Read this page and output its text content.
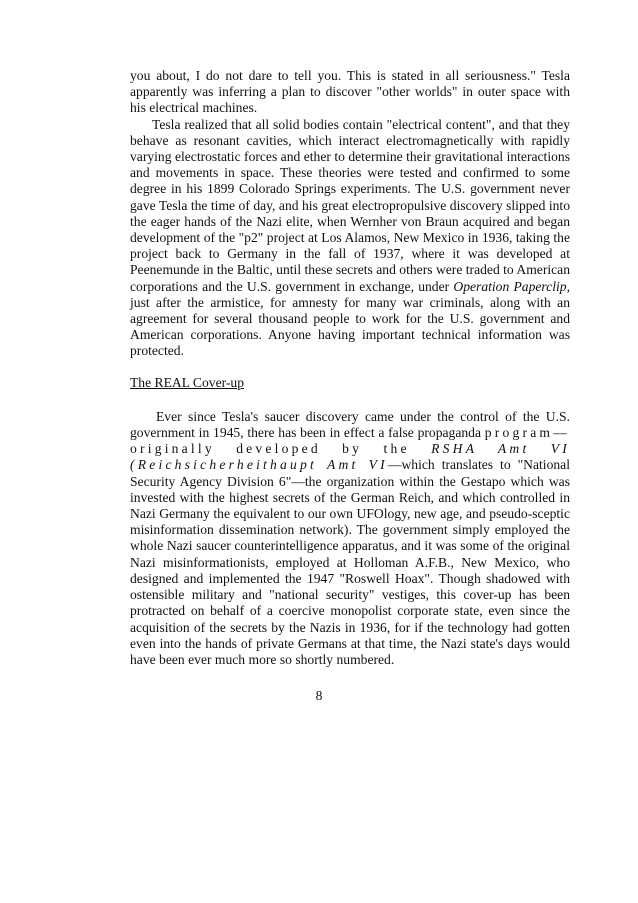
you about, I do not dare to tell you. This is stated in all seriousness." Tesla apparently was inferring a plan to discover "other worlds" in outer space with his electrical machines.

Tesla realized that all solid bodies contain "electrical content", and that they behave as resonant cavities, which interact electromagnetically with rapidly varying electrostatic forces and ether to determine their gravitational interactions and movements in space. These theories were tested and confirmed to some degree in his 1899 Colorado Springs experiments. The U.S. government never gave Tesla the time of day, and his great electropropulsive discovery slipped into the eager hands of the Nazi elite, when Wernher von Braun acquired and began development of the "p2" project at Los Alamos, New Mexico in 1936, taking the project back to Germany in the fall of 1937, where it was developed at Peenemunde in the Baltic, until these secrets and others were traded to American corporations and the U.S. government in exchange, under Operation Paperclip, just after the armistice, for amnesty for many war criminals, along with an agreement for several thousand people to work for the U.S. government and American corporations. Anyone having important technical information was protected.

The REAL Cover-up

Ever since Tesla's saucer discovery came under the control of the U.S. government in 1945, there has been in effect a false propaganda program—originally developed by the RSHA Amt VI (Reichsicherheithaupt Amt VI—which translates to "National Security Agency Division 6"—the organization within the Gestapo which was invested with the highest secrets of the German Reich, and which controlled in Nazi Germany the equivalent to our own UFOlogy, new age, and pseudo-sceptic misinformation dissemination network). The government simply employed the whole Nazi saucer counterintelligence apparatus, and it was some of the original Nazi misinformationists, employed at Holloman A.F.B., New Mexico, who designed and implemented the 1947 "Roswell Hoax". Though shadowed with ostensible military and "national security" vestiges, this cover-up has been protracted on behalf of a coercive monopolist corporate state, even since the acquisition of the secrets by the Nazis in 1936, for if the technology had gotten even into the hands of private Germans at that time, the Nazi state's days would have been ever much more so shortly numbered.

8
